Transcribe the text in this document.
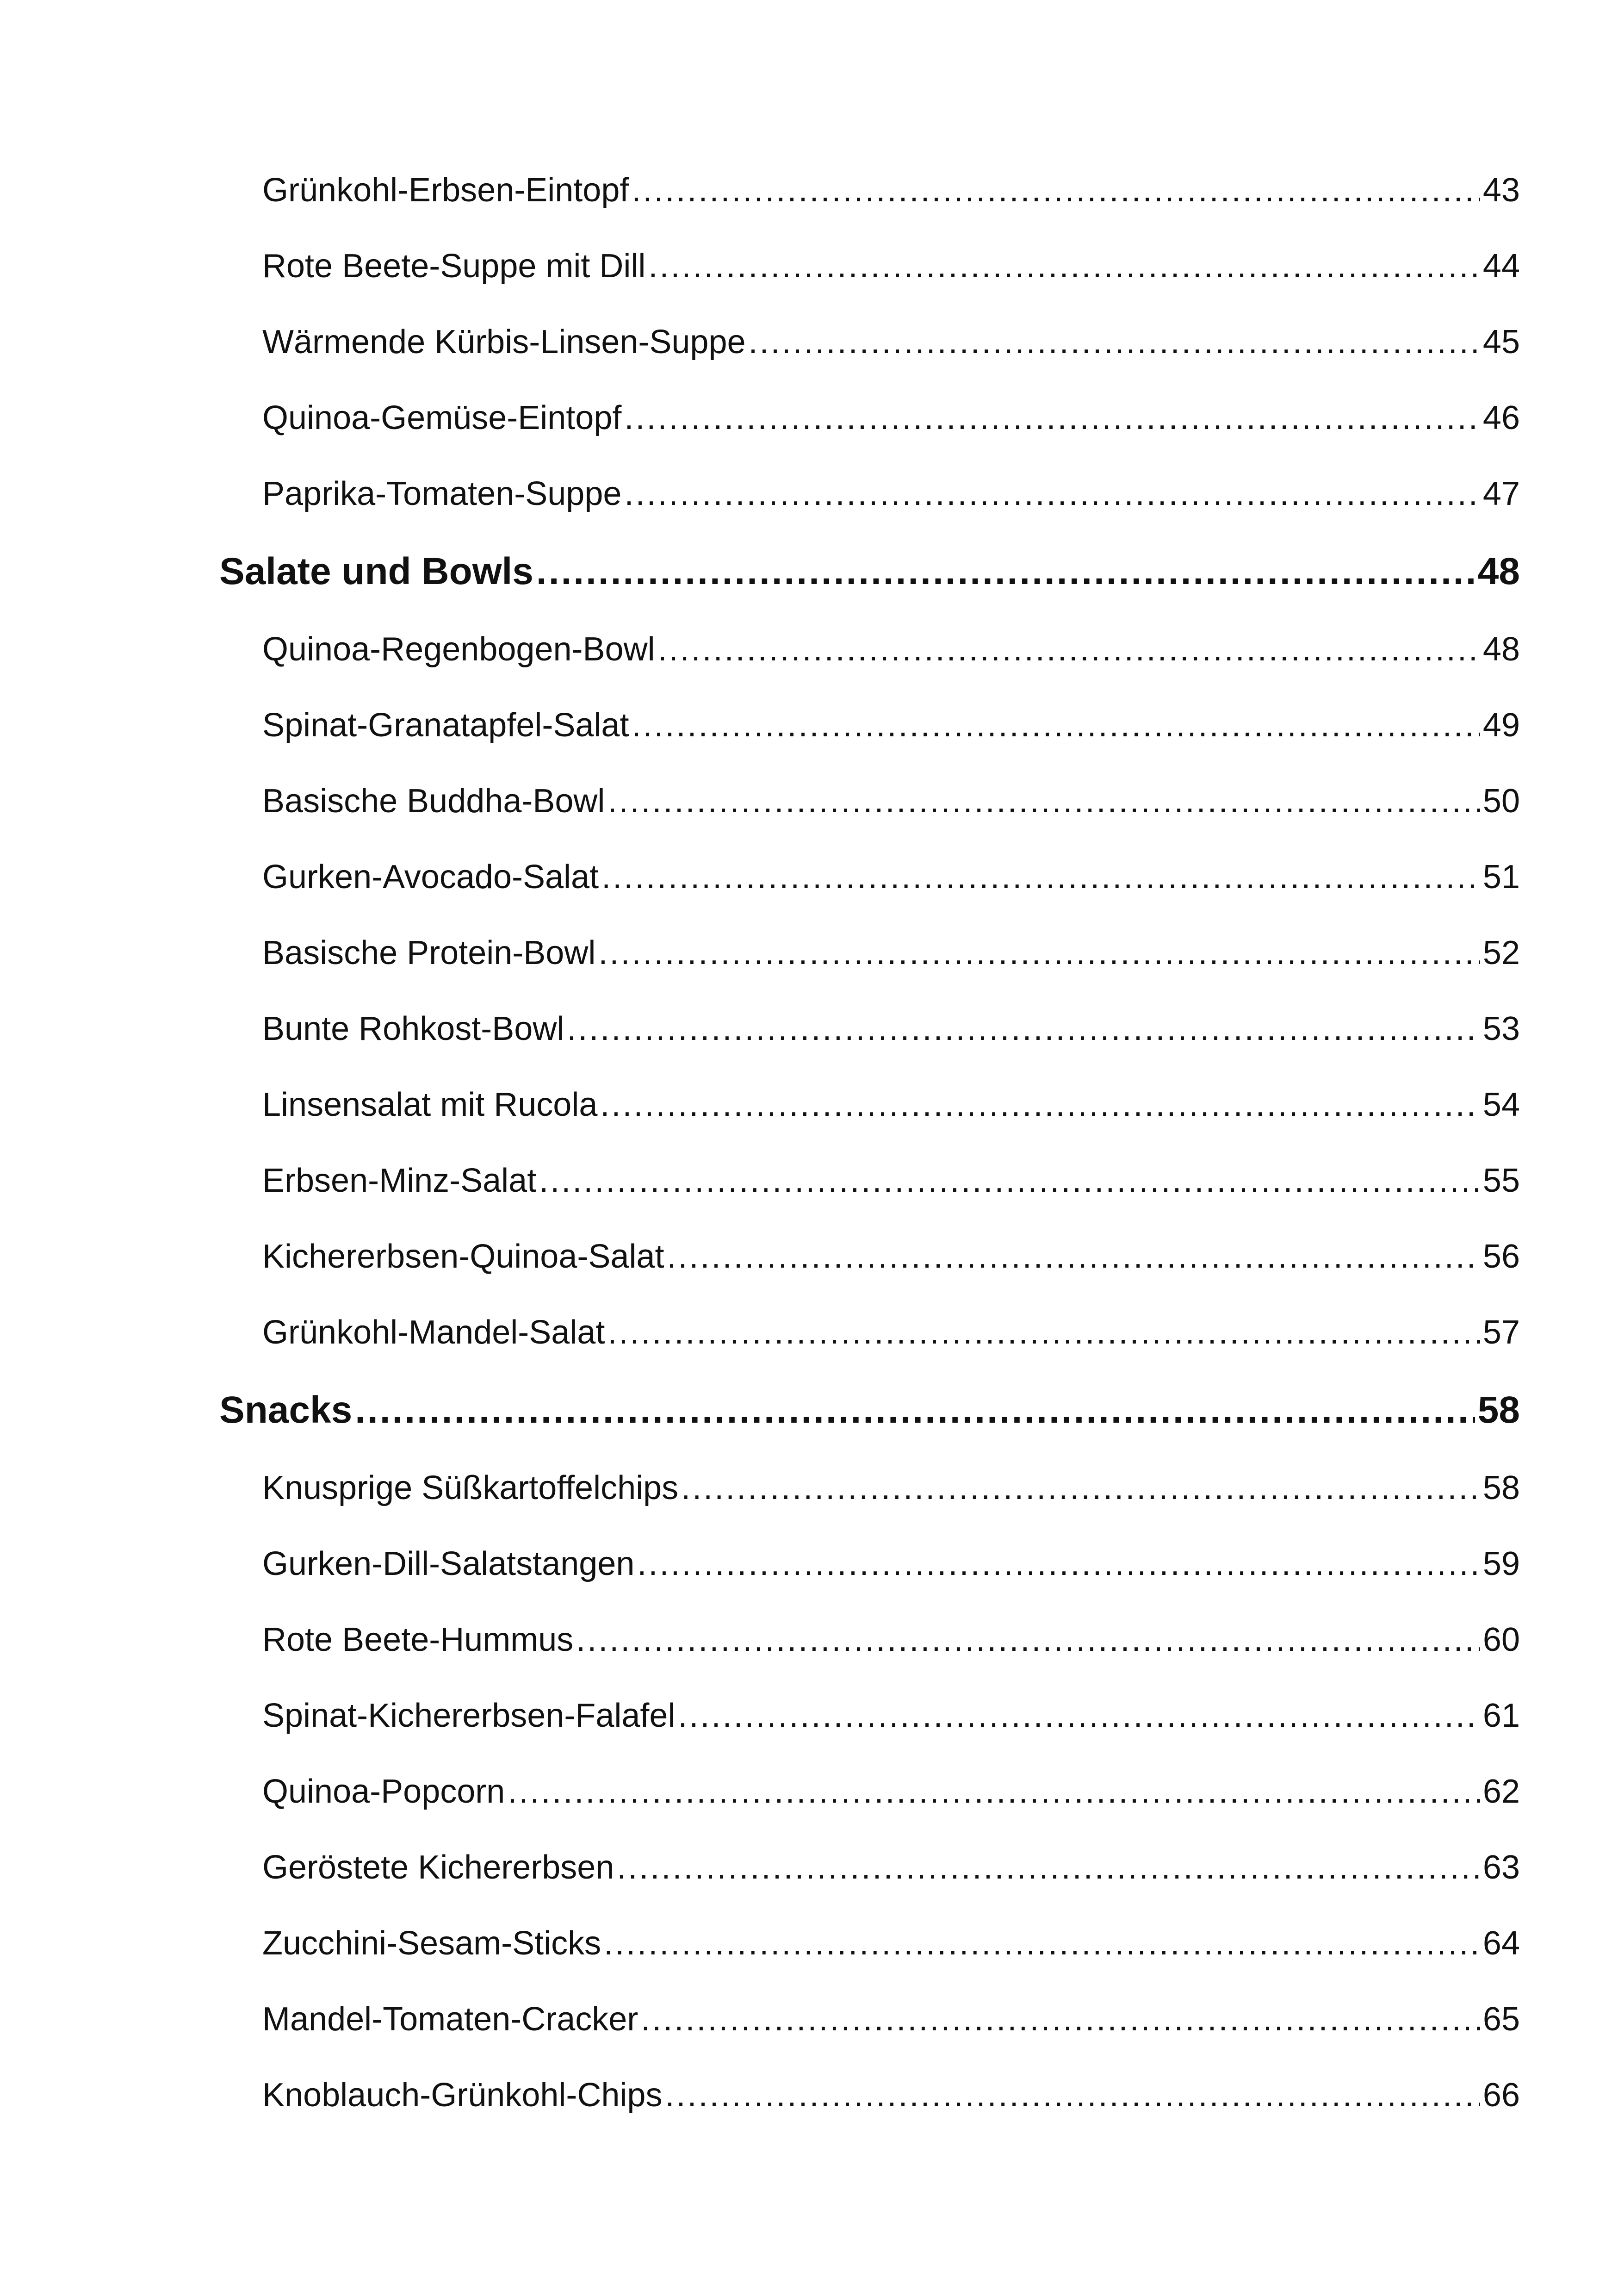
Grünkohl-Erbsen-Eintopf .....	43
Rote Beete-Suppe mit Dill .....	44
Wärmende Kürbis-Linsen-Suppe .....	45
Quinoa-Gemüse-Eintopf .....	46
Paprika-Tomaten-Suppe .....	47
Salate und Bowls .....	48
Quinoa-Regenbogen-Bowl .....	48
Spinat-Granatapfel-Salat .....	49
Basische Buddha-Bowl .....	50
Gurken-Avocado-Salat .....	51
Basische Protein-Bowl .....	52
Bunte Rohkost-Bowl .....	53
Linsensalat mit Rucola .....	54
Erbsen-Minz-Salat .....	55
Kichererbsen-Quinoa-Salat .....	56
Grünkohl-Mandel-Salat .....	57
Snacks .....	58
Knusprige Süßkartoffelchips .....	58
Gurken-Dill-Salatstangen .....	59
Rote Beete-Hummus .....	60
Spinat-Kichererbsen-Falafel .....	61
Quinoa-Popcorn .....	62
Geröstete Kichererbsen .....	63
Zucchini-Sesam-Sticks .....	64
Mandel-Tomaten-Cracker .....	65
Knoblauch-Grünkohl-Chips .....	66
